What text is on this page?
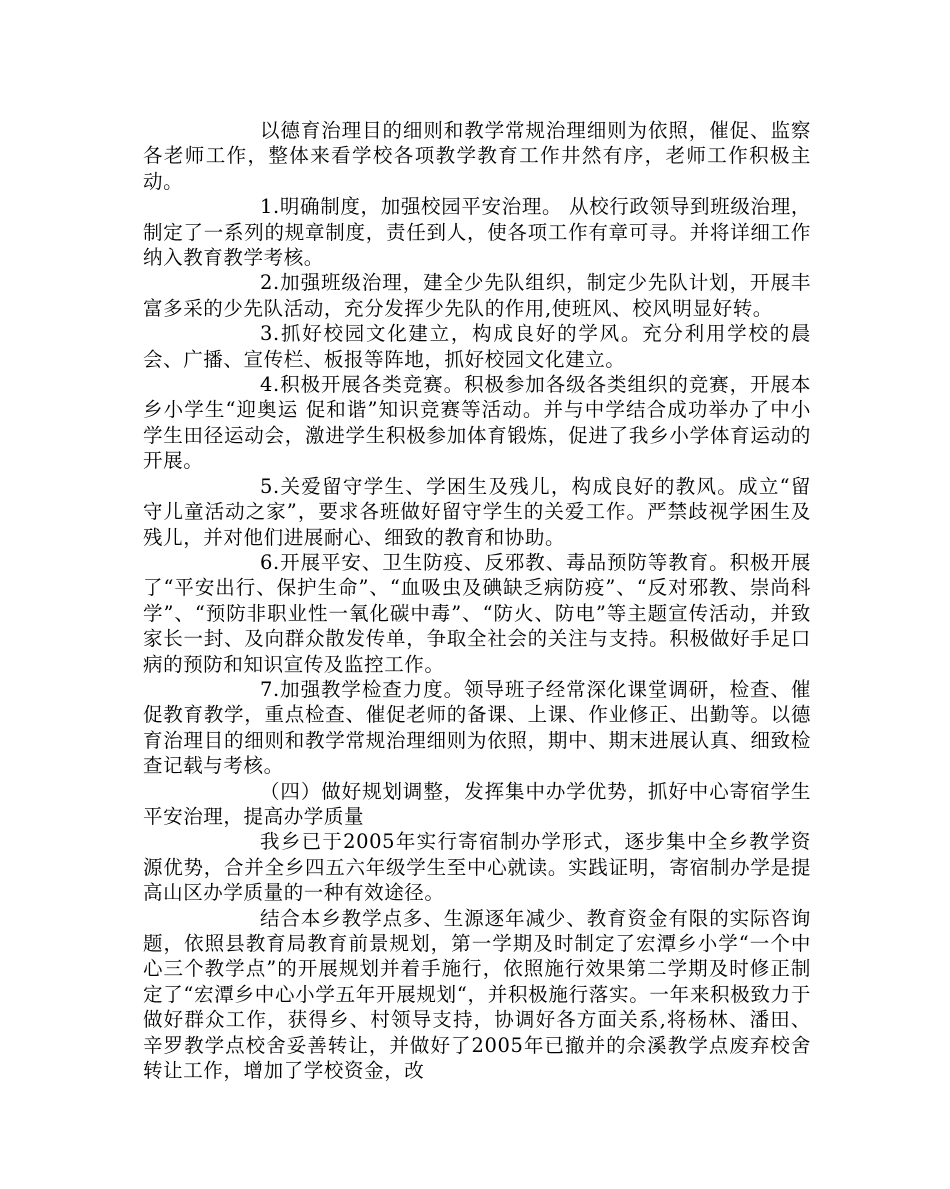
以德育治理目的细则和教学常规治理细则为依照，催促、监察各老师工作，整体来看学校各项教学教育工作井然有序，老师工作积极主动。

1.明确制度，加强校园平安治理。 从校行政领导到班级治理，制定了一系列的规章制度，责任到人，使各项工作有章可寻。并将详细工作纳入教育教学考核。

2.加强班级治理，建全少先队组织，制定少先队计划，开展丰富多采的少先队活动，充分发挥少先队的作用,使班风、校风明显好转。

3.抓好校园文化建立，构成良好的学风。充分利用学校的晨会、广播、宣传栏、板报等阵地，抓好校园文化建立。

4.积极开展各类竞赛。积极参加各级各类组织的竞赛，开展本乡小学生“迎奥运 促和谐”知识竞赛等活动。并与中学结合成功举办了中小学生田径运动会，激进学生积极参加体育锻炼，促进了我乡小学体育运动的开展。

5.关爱留守学生、学困生及残儿，构成良好的教风。成立“留守儿童活动之家”，要求各班做好留守学生的关爱工作。严禁歧视学困生及残儿，并对他们进展耐心、细致的教育和协助。

6.开展平安、卫生防疫、反邪教、毒品预防等教育。积极开展了“平安出行、保护生命”、“血吸虫及碘缺乏病防疫”、“反对邪教、崇尚科学”、“预防非职业性一氧化碳中毒”、“防火、防电”等主题宣传活动，并致家长一封、及向群众散发传单，争取全社会的关注与支持。积极做好手足口病的预防和知识宣传及监控工作。

7.加强教学检查力度。领导班子经常深化课堂调研，检查、催促教育教学，重点检查、催促老师的备课、上课、作业修正、出勤等。以德育治理目的细则和教学常规治理细则为依照，期中、期末进展认真、细致检查记载与考核。

（四）做好规划调整，发挥集中办学优势，抓好中心寄宿学生平安治理，提高办学质量

我乡已于2005年实行寄宿制办学形式，逐步集中全乡教学资源优势，合并全乡四五六年级学生至中心就读。实践证明，寄宿制办学是提高山区办学质量的一种有效途径。

结合本乡教学点多、生源逐年减少、教育资金有限的实际咨询题，依照县教育局教育前景规划，第一学期及时制定了宏潭乡小学“一个中心三个教学点”的开展规划并着手施行，依照施行效果第二学期及时修正制定了“宏潭乡中心小学五年开展规划“，并积极施行落实。一年来积极致力于做好群众工作，获得乡、村领导支持，协调好各方面关系,将杨林、潘田、辛罗教学点校舍妥善转让，并做好了2005年已撤并的佘溪教学点废弃校舍转让工作，增加了学校资金，改
